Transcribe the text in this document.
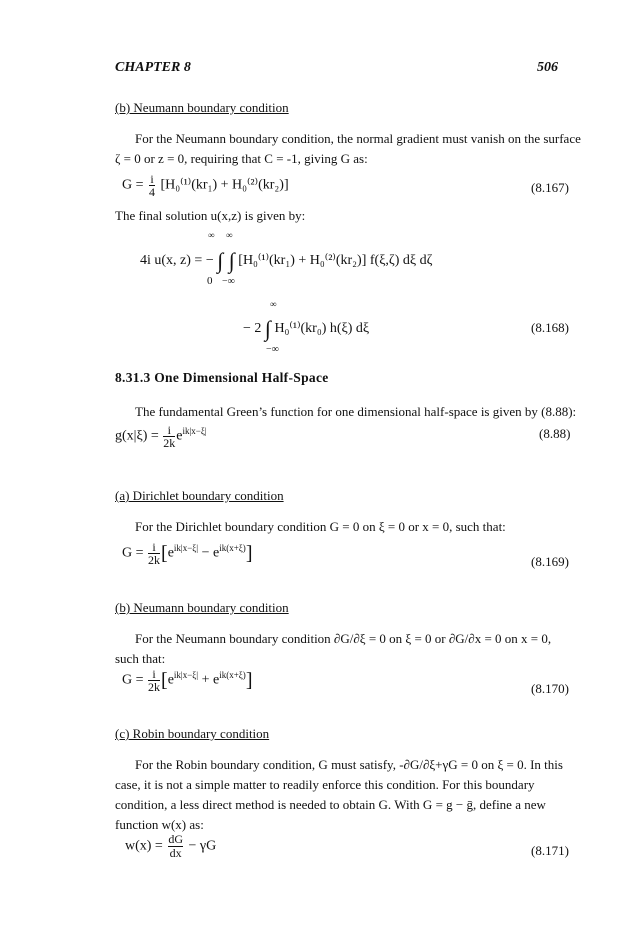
CHAPTER 8	506
(b) Neumann boundary condition
For the Neumann boundary condition, the normal gradient must vanish on the surface
ζ = 0 or z = 0, requiring that C = -1, giving G as:
$G = \frac{i}{4} [H_0^{(1)}(kr_1) + H_0^{(2)}(kr_2)]$	(8.167)
The final solution u(x,z) is given by:
∞ ∞
4i u(x, z) = − ∫ ∫ [H₀⁽¹⁾(kr₁) + H₀⁽²⁾(kr₂)] f(ξ,ζ) dξ dζ
0 −∞
∞
− 2 ∫ H₀⁽¹⁾(kr₀) h(ξ) dξ
−∞
(8.168)
8.31.3 One Dimensional Half-Space
The fundamental Green’s function for one dimensional half-space is given by (8.88):
$g(x|\xi) = \frac{i}{2k} e^{ik|x-\xi|}$	(8.88)
(a) Dirichlet boundary condition
For the Dirichlet boundary condition G = 0 on ξ = 0 or x = 0, such that:
$G = \frac{i}{2k} [e^{ik|x-\xi|} - e^{ik(x+\xi)}]$	(8.169)
(b) Neumann boundary condition
For the Neumann boundary condition ∂G/∂ξ = 0 on ξ = 0 or ∂G/∂x = 0 on x = 0,
such that:
$G = \frac{i}{2k} [e^{ik|x-\xi|} + e^{ik(x+\xi)}]$	(8.170)
(c) Robin boundary condition
For the Robin boundary condition, G must satisfy, -∂G/∂ξ+γG = 0 on ξ = 0. In this
case, it is not a simple matter to readily enforce this condition. For this boundary
condition, a less direct method is needed to obtain G. With G = g − ḡ, define a new
function w(x) as:
$w(x) = \frac{dG}{dx} - \gamma G$	(8.171)
